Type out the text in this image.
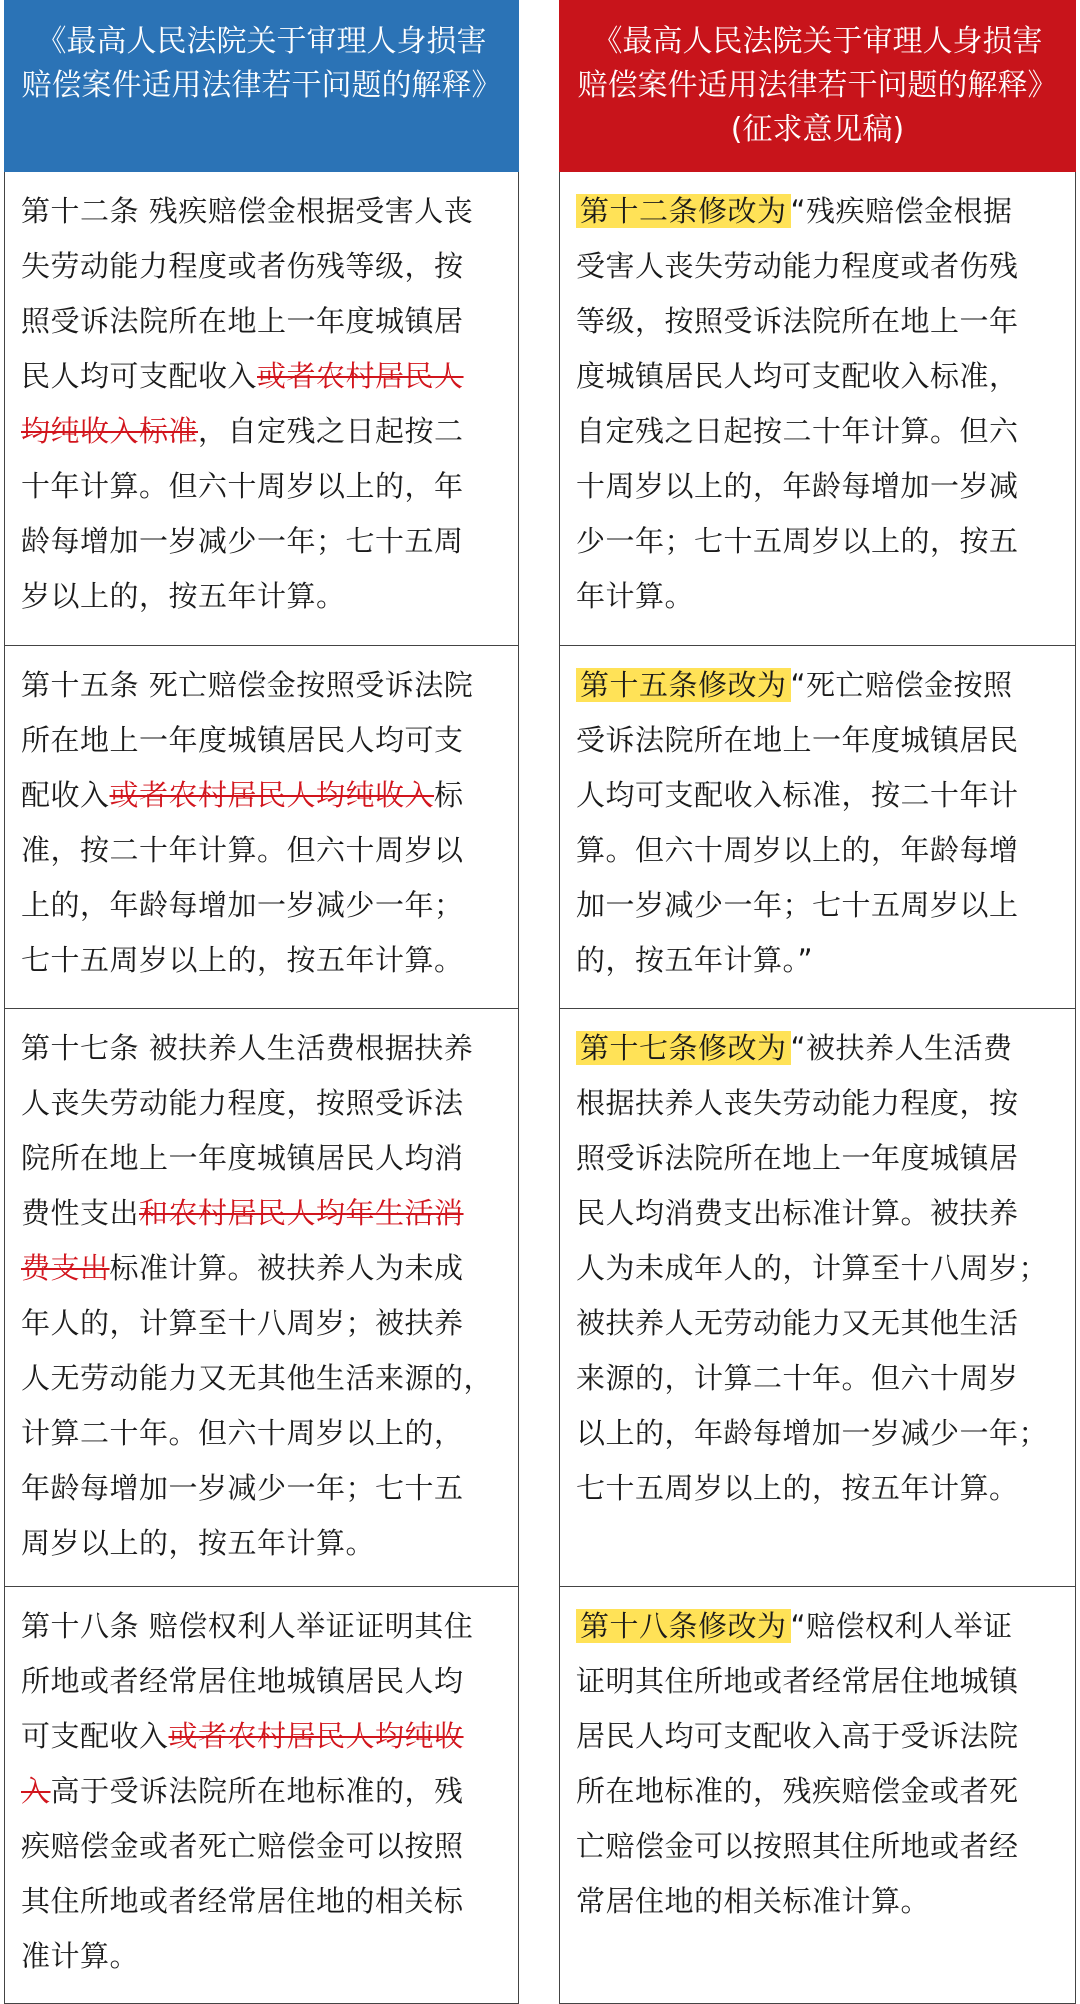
《最高人民法院关于审理人身损害
赔偿案件适用法律若干问题的解释》
第十二条 残疾赔偿金根据受害人丧
失劳动能力程度或者伤残等级，按
照受诉法院所在地上一年度城镇居
民人均可支配收入或者农村居民人
均纯收入标准，自定残之日起按二
十年计算。但六十周岁以上的，年
龄每增加一岁减少一年；七十五周
岁以上的，按五年计算。
第十五条 死亡赔偿金按照受诉法院
所在地上一年度城镇居民人均可支
配收入或者农村居民人均纯收入标
准，按二十年计算。但六十周岁以
上的，年龄每增加一岁减少一年；
七十五周岁以上的，按五年计算。
第十七条 被扶养人生活费根据扶养
人丧失劳动能力程度，按照受诉法
院所在地上一年度城镇居民人均消
费性支出和农村居民人均年生活消
费支出标准计算。被扶养人为未成
年人的，计算至十八周岁；被扶养
人无劳动能力又无其他生活来源的，
计算二十年。但六十周岁以上的，
年龄每增加一岁减少一年；七十五
周岁以上的，按五年计算。
第十八条 赔偿权利人举证证明其住
所地或者经常居住地城镇居民人均
可支配收入或者农村居民人均纯收
入高于受诉法院所在地标准的，残
疾赔偿金或者死亡赔偿金可以按照
其住所地或者经常居住地的相关标
准计算。
《最高人民法院关于审理人身损害
赔偿案件适用法律若干问题的解释》
(征求意见稿)
第十二条修改为 “残疾赔偿金根据
受害人丧失劳动能力程度或者伤残
等级，按照受诉法院所在地上一年
度城镇居民人均可支配收入标准，
自定残之日起按二十年计算。但六
十周岁以上的，年龄每增加一岁减
少一年；七十五周岁以上的，按五
年计算。
第十五条修改为 “死亡赔偿金按照
受诉法院所在地上一年度城镇居民
人均可支配收入标准，按二十年计
算。但六十周岁以上的，年龄每增
加一岁减少一年；七十五周岁以上
的，按五年计算。”
第十七条修改为 “被扶养人生活费
根据扶养人丧失劳动能力程度，按
照受诉法院所在地上一年度城镇居
民人均消费支出标准计算。被扶养
人为未成年人的，计算至十八周岁；
被扶养人无劳动能力又无其他生活
来源的，计算二十年。但六十周岁
以上的，年龄每增加一岁减少一年；
七十五周岁以上的，按五年计算。
第十八条修改为 “赔偿权利人举证
证明其住所地或者经常居住地城镇
居民人均可支配收入高于受诉法院
所在地标准的，残疾赔偿金或者死
亡赔偿金可以按照其住所地或者经
常居住地的相关标准计算。
